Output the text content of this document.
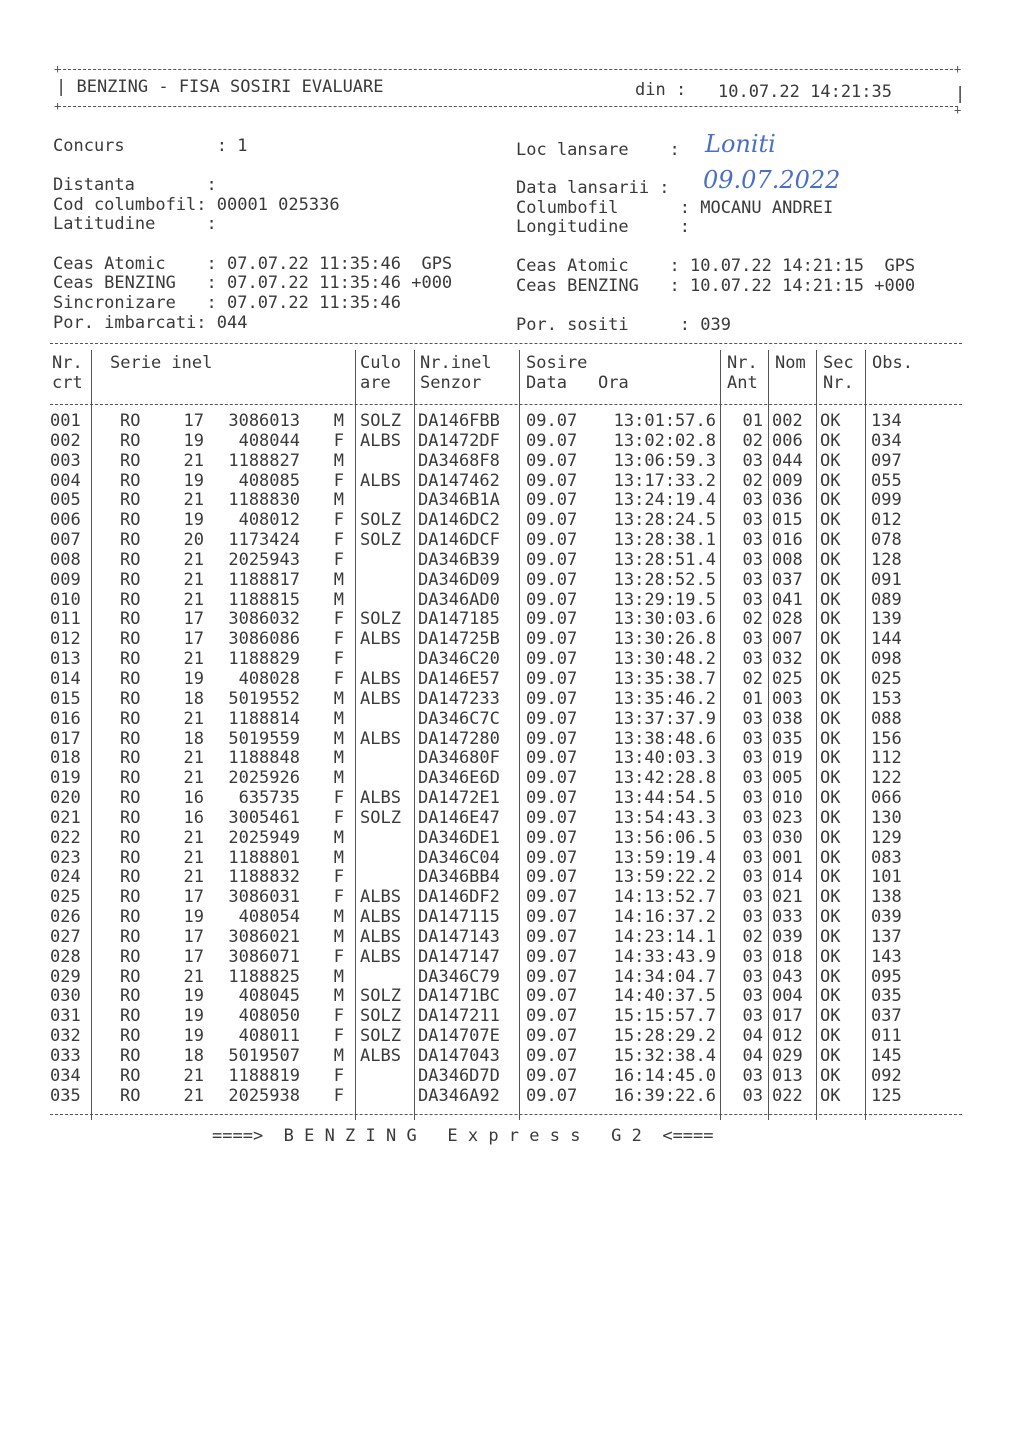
+	+
| BENZING - FISA SOSIRI EVALUARE	din : 10.07.22 14:21:35	|
+	+
Concurs         : 1
Distanta       :
Cod columbofil: 00001 025336
Latitudine     :
Ceas Atomic    : 07.07.22 11:35:46  GPS
Ceas BENZING   : 07.07.22 11:35:46 +000
Sincronizare   : 07.07.22 11:35:46
Por. imbarcati: 044
Loc lansare    : Loniti
Data lansarii : 09.07.2022
Columbofil      : MOCANU ANDREI
Longitudine     :
Ceas Atomic    : 10.07.22 14:21:15  GPS
Ceas BENZING   : 10.07.22 14:21:15 +000
Por. sositi     : 039
Nr. Serie inel	Culo Nr.inel Sosire	Nr. Nom Sec Obs.
crt	are Senzor	Data Ora	Ant	Nr.
001	RO	17	3086013 M SOLZ	DA146FBB	09.07	13:01:57.6	01 002	OK	134
002	RO	19	408044 F ALBS	DA1472DF	09.07	13:02:02.8	02 006	OK	034
003	RO	21	1188827 M	DA3468F8	09.07	13:06:59.3	03 044	OK	097
004	RO	19	408085 F ALBS	DA147462	09.07	13:17:33.2	02 009	OK	055
005	RO	21	1188830 M	DA346B1A	09.07	13:24:19.4	03 036	OK	099
006	RO	19	408012 F SOLZ	DA146DC2	09.07	13:28:24.5	03 015	OK	012
007	RO	20	1173424 F SOLZ	DA146DCF	09.07	13:28:38.1	03 016	OK	078
008	RO	21	2025943 F	DA346B39	09.07	13:28:51.4	03 008	OK	128
009	RO	21	1188817 M	DA346D09	09.07	13:28:52.5	03 037	OK	091
010	RO	21	1188815 M	DA346AD0	09.07	13:29:19.5	03 041	OK	089
011	RO	17	3086032 F SOLZ	DA147185	09.07	13:30:03.6	02 028	OK	139
012	RO	17	3086086 F ALBS	DA14725B	09.07	13:30:26.8	03 007	OK	144
013	RO	21	1188829 F	DA346C20	09.07	13:30:48.2	03 032	OK	098
014	RO	19	408028 F ALBS	DA146E57	09.07	13:35:38.7	02 025	OK	025
015	RO	18	5019552 M ALBS	DA147233	09.07	13:35:46.2	01 003	OK	153
016	RO	21	1188814 M	DA346C7C	09.07	13:37:37.9	03 038	OK	088
017	RO	18	5019559 M ALBS	DA147280	09.07	13:38:48.6	03 035	OK	156
018	RO	21	1188848 M	DA34680F	09.07	13:40:03.3	03 019	OK	112
019	RO	21	2025926 M	DA346E6D	09.07	13:42:28.8	03 005	OK	122
020	RO	16	635735 F ALBS	DA1472E1	09.07	13:44:54.5	03 010	OK	066
021	RO	16	3005461 F SOLZ	DA146E47	09.07	13:54:43.3	03 023	OK	130
022	RO	21	2025949 M	DA346DE1	09.07	13:56:06.5	03 030	OK	129
023	RO	21	1188801 M	DA346C04	09.07	13:59:19.4	03 001	OK	083
024	RO	21	1188832 F	DA346BB4	09.07	13:59:22.2	03 014	OK	101
025	RO	17	3086031 F ALBS	DA146DF2	09.07	14:13:52.7	03 021	OK	138
026	RO	19	408054 M ALBS	DA147115	09.07	14:16:37.2	03 033	OK	039
027	RO	17	3086021 M ALBS	DA147143	09.07	14:23:14.1	02 039	OK	137
028	RO	17	3086071 F ALBS	DA147147	09.07	14:33:43.9	03 018	OK	143
029	RO	21	1188825 M	DA346C79	09.07	14:34:04.7	03 043	OK	095
030	RO	19	408045 M SOLZ	DA1471BC	09.07	14:40:37.5	03 004	OK	035
031	RO	19	408050 F SOLZ	DA147211	09.07	15:15:57.7	03 017	OK	037
032	RO	19	408011 F SOLZ	DA14707E	09.07	15:28:29.2	04 012	OK	011
033	RO	18	5019507 M ALBS	DA147043	09.07	15:32:38.4	04 029	OK	145
034	RO	21	1188819 F	DA346D7D	09.07	16:14:45.0	03 013	OK	092
035	RO	21	2025938 F	DA346A92	09.07	16:39:22.6	03 022	OK	125
====>  B E N Z I N G   E x p r e s s   G 2  <====
